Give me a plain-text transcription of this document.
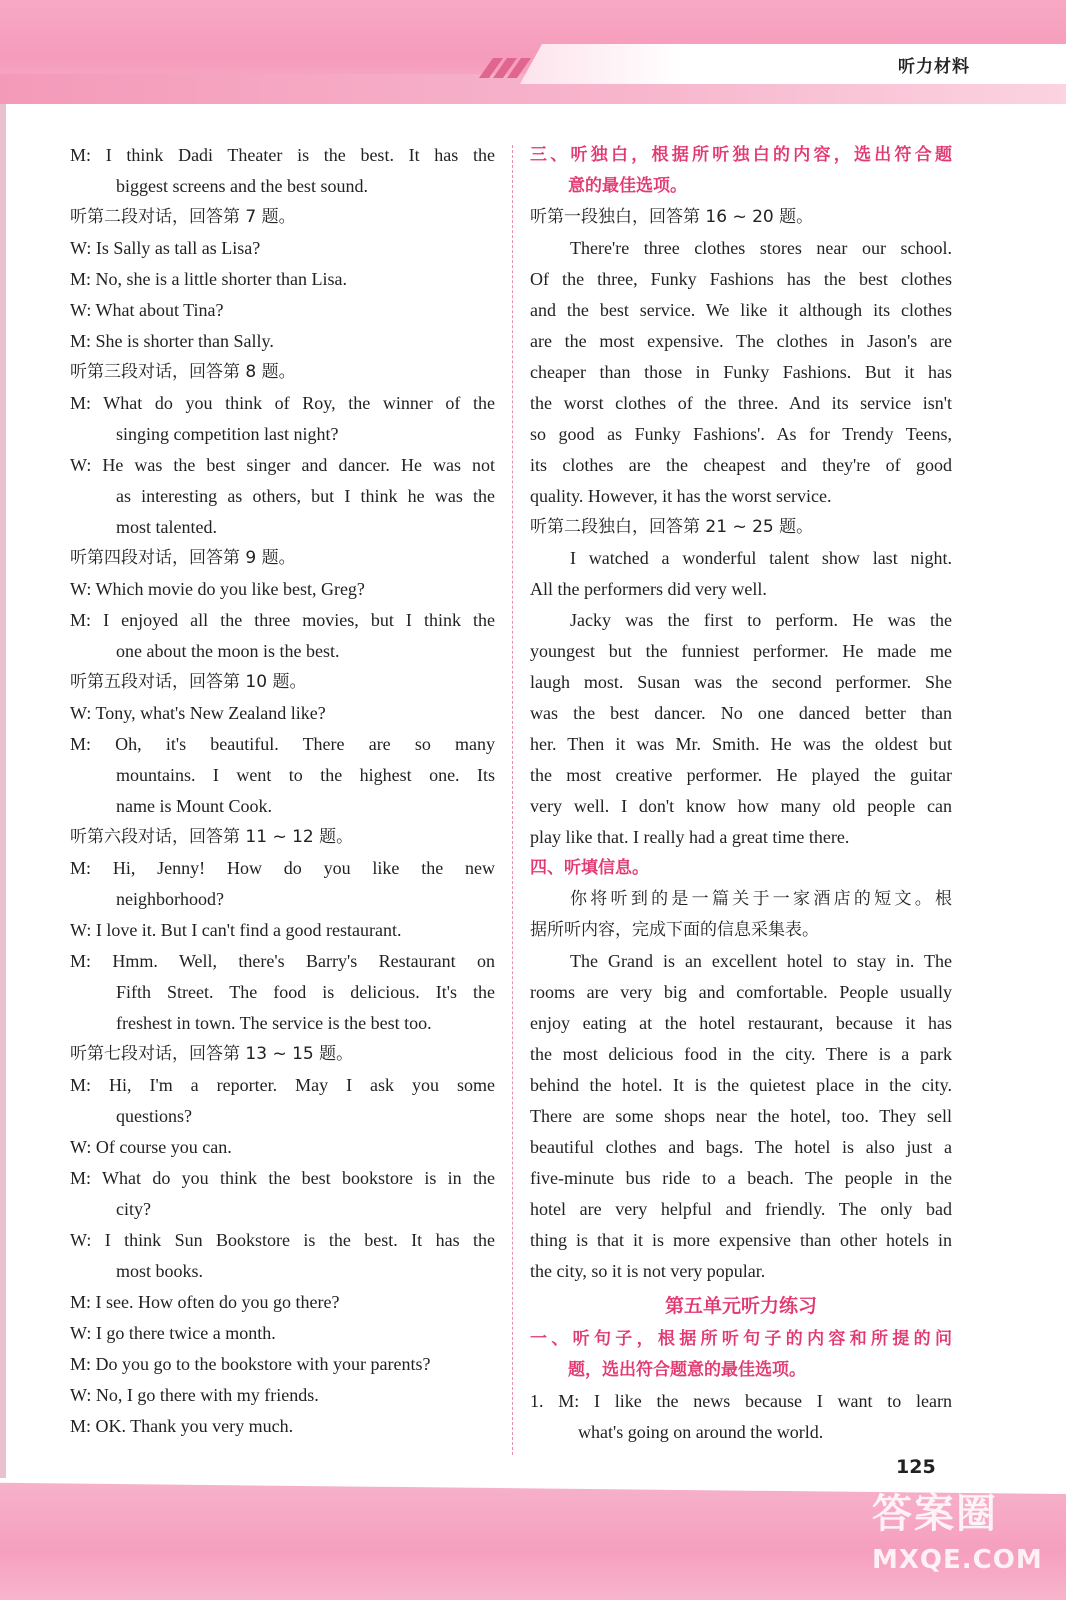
听力材料
M: I think Dadi Theater is the best. It has the
biggest screens and the best sound.
听第二段对话，回答第 7 题。
W: Is Sally as tall as Lisa?
M: No, she is a little shorter than Lisa.
W: What about Tina?
M: She is shorter than Sally.
听第三段对话，回答第 8 题。
M: What do you think of Roy, the winner of the
singing competition last night?
W: He was the best singer and dancer. He was not
as interesting as others, but I think he was the
most talented.
听第四段对话，回答第 9 题。
W: Which movie do you like best, Greg?
M: I enjoyed all the three movies, but I think the
one about the moon is the best.
听第五段对话，回答第 10 题。
W: Tony, what's New Zealand like?
M: Oh, it's beautiful. There are so many
mountains. I went to the highest one. Its
name is Mount Cook.
听第六段对话，回答第 11 ~ 12 题。
M: Hi, Jenny! How do you like the new
neighborhood?
W: I love it. But I can't find a good restaurant.
M: Hmm. Well, there's Barry's Restaurant on
Fifth Street. The food is delicious. It's the
freshest in town. The service is the best too.
听第七段对话，回答第 13 ~ 15 题。
M: Hi, I'm a reporter. May I ask you some
questions?
W: Of course you can.
M: What do you think the best bookstore is in the
city?
W: I think Sun Bookstore is the best. It has the
most books.
M: I see. How often do you go there?
W: I go there twice a month.
M: Do you go to the bookstore with your parents?
W: No, I go there with my friends.
M: OK. Thank you very much.
三、听独白，根据所听独白的内容，选出符合题
意的最佳选项。
听第一段独白，回答第 16 ~ 20 题。
There're three clothes stores near our school.
Of the three, Funky Fashions has the best clothes
and the best service. We like it although its clothes
are the most expensive. The clothes in Jason's are
cheaper than those in Funky Fashions. But it has
the worst clothes of the three. And its service isn't
so good as Funky Fashions'. As for Trendy Teens,
its clothes are the cheapest and they're of good
quality. However, it has the worst service.
听第二段独白，回答第 21 ~ 25 题。
I watched a wonderful talent show last night.
All the performers did very well.
Jacky was the first to perform. He was the
youngest but the funniest performer. He made me
laugh most. Susan was the second performer. She
was the best dancer. No one danced better than
her. Then it was Mr. Smith. He was the oldest but
the most creative performer. He played the guitar
very well. I don't know how many old people can
play like that. I really had a great time there.
四、听填信息。
你将听到的是一篇关于一家酒店的短文。根
据所听内容，完成下面的信息采集表。
The Grand is an excellent hotel to stay in. The
rooms are very big and comfortable. People usually
enjoy eating at the hotel restaurant, because it has
the most delicious food in the city. There is a park
behind the hotel. It is the quietest place in the city.
There are some shops near the hotel, too. They sell
beautiful clothes and bags. The hotel is also just a
five-minute bus ride to a beach. The people in the
hotel are very helpful and friendly. The only bad
thing is that it is more expensive than other hotels in
the city, so it is not very popular.
第五单元听力练习
一、听句子，根据所听句子的内容和所提的问
题，选出符合题意的最佳选项。
1. M: I like the news because I want to learn
what's going on around the world.
125
答案圈
MXQE.COM
